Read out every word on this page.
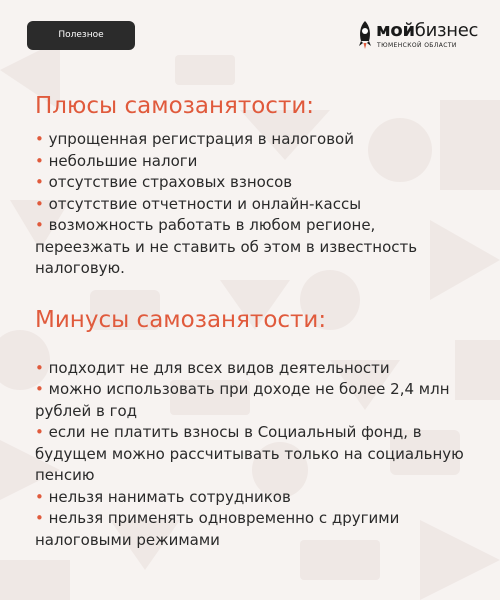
Полезное	мойбизнес
ТЮМЕНСКОЙ ОБЛАСТИ
Плюсы самозанятости:
• упрощенная регистрация в налоговой
• небольшие налоги
• отсутствие страховых взносов
• отсутствие отчетности и онлайн-кассы
• возможность работать в любом регионе, переезжать и не ставить об этом в известность налоговую.
Минусы самозанятости:
• подходит не для всех видов деятельности
• можно использовать при доходе не более 2,4 млн рублей в год
• если не платить взносы в Социальный фонд, в будущем можно рассчитывать только на социальную пенсию
• нельзя нанимать сотрудников
• нельзя применять одновременно с другими налоговыми режимами
